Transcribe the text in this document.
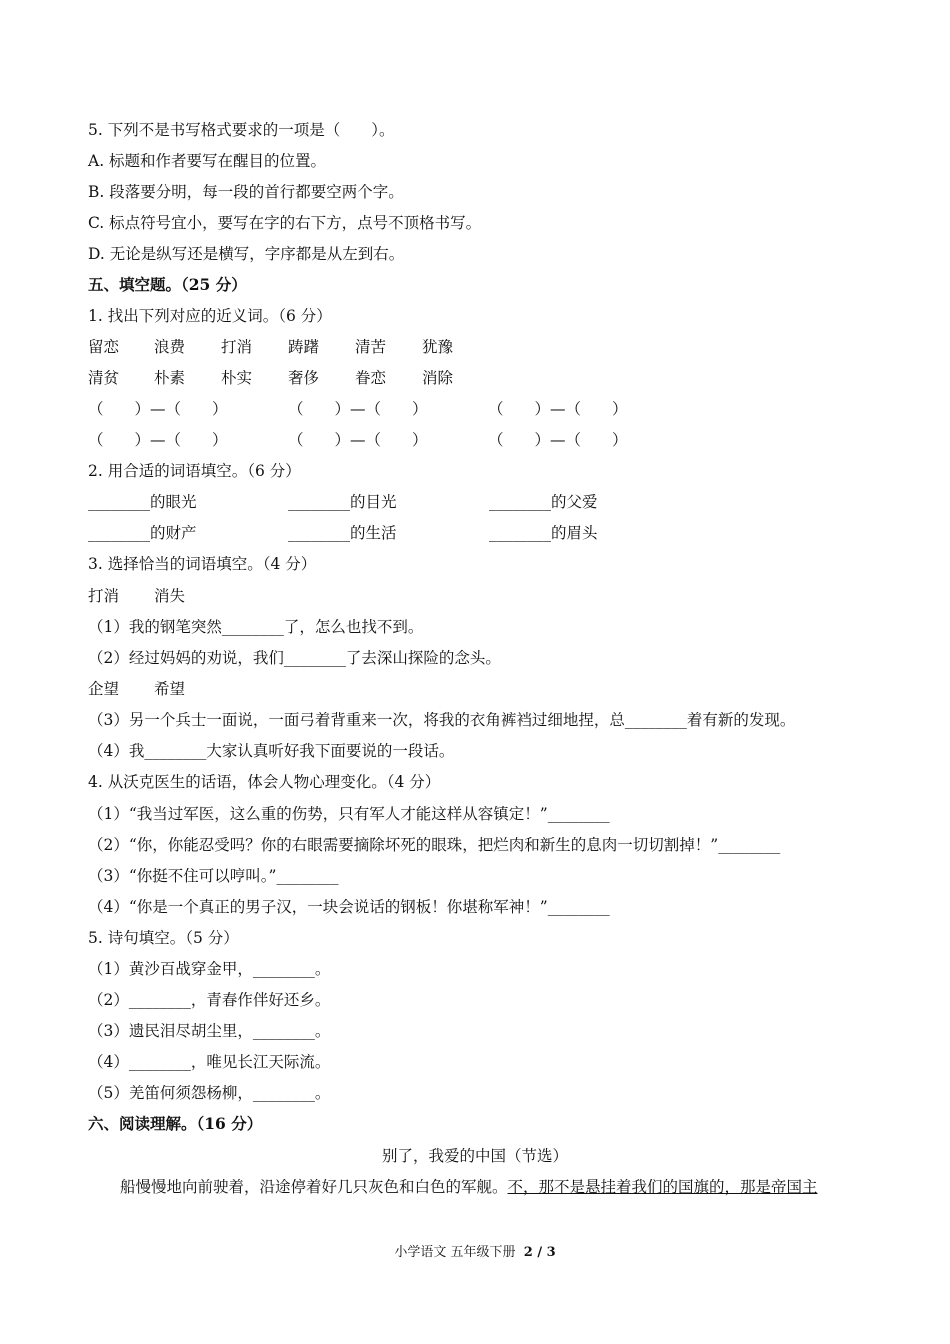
5. 下列不是书写格式要求的一项是（　　）。
A. 标题和作者要写在醒目的位置。
B. 段落要分明，每一段的首行都要空两个字。
C. 标点符号宜小，要写在字的右下方，点号不顶格书写。
D. 无论是纵写还是横写，字序都是从左到右。
五、填空题。（25 分）
1. 找出下列对应的近义词。（6 分）
留恋 浪费 打消 踌躇 清苦 犹豫
清贫 朴素 朴实 奢侈 眷恋 消除
（　　）—（　　）	（　　）—（　　）	（　　）—（　　）
（　　）—（　　）	（　　）—（　　）	（　　）—（　　）
2. 用合适的词语填空。（6 分）
________的眼光	________的目光	________的父爱
________的财产	________的生活	________的眉头
3. 选择恰当的词语填空。（4 分）
打消 消失
（1）我的钢笔突然________了，怎么也找不到。
（2）经过妈妈的劝说，我们________了去深山探险的念头。
企望 希望
（3）另一个兵士一面说，一面弓着背重来一次，将我的衣角裤裆过细地捏，总________着有新的发现。
（4）我________大家认真听好我下面要说的一段话。
4. 从沃克医生的话语，体会人物心理变化。（4 分）
（1）“我当过军医，这么重的伤势，只有军人才能这样从容镇定！”________
（2）“你，你能忍受吗？你的右眼需要摘除坏死的眼珠，把烂肉和新生的息肉一切切割掉！”________
（3）“你挺不住可以哼叫。”________
（4）“你是一个真正的男子汉，一块会说话的钢板！你堪称军神！”________
5. 诗句填空。（5 分）
（1）黄沙百战穿金甲，________。
（2）________，青春作伴好还乡。
（3）遗民泪尽胡尘里，________。
（4）________，唯见长江天际流。
（5）羌笛何须怨杨柳，________。
六、阅读理解。（16 分）
别了，我爱的中国（节选）
船慢慢地向前驶着，沿途停着好几只灰色和白色的军舰。不，那不是悬挂着我们的国旗的，那是帝国主
小学语文 五年级下册 2 / 3
